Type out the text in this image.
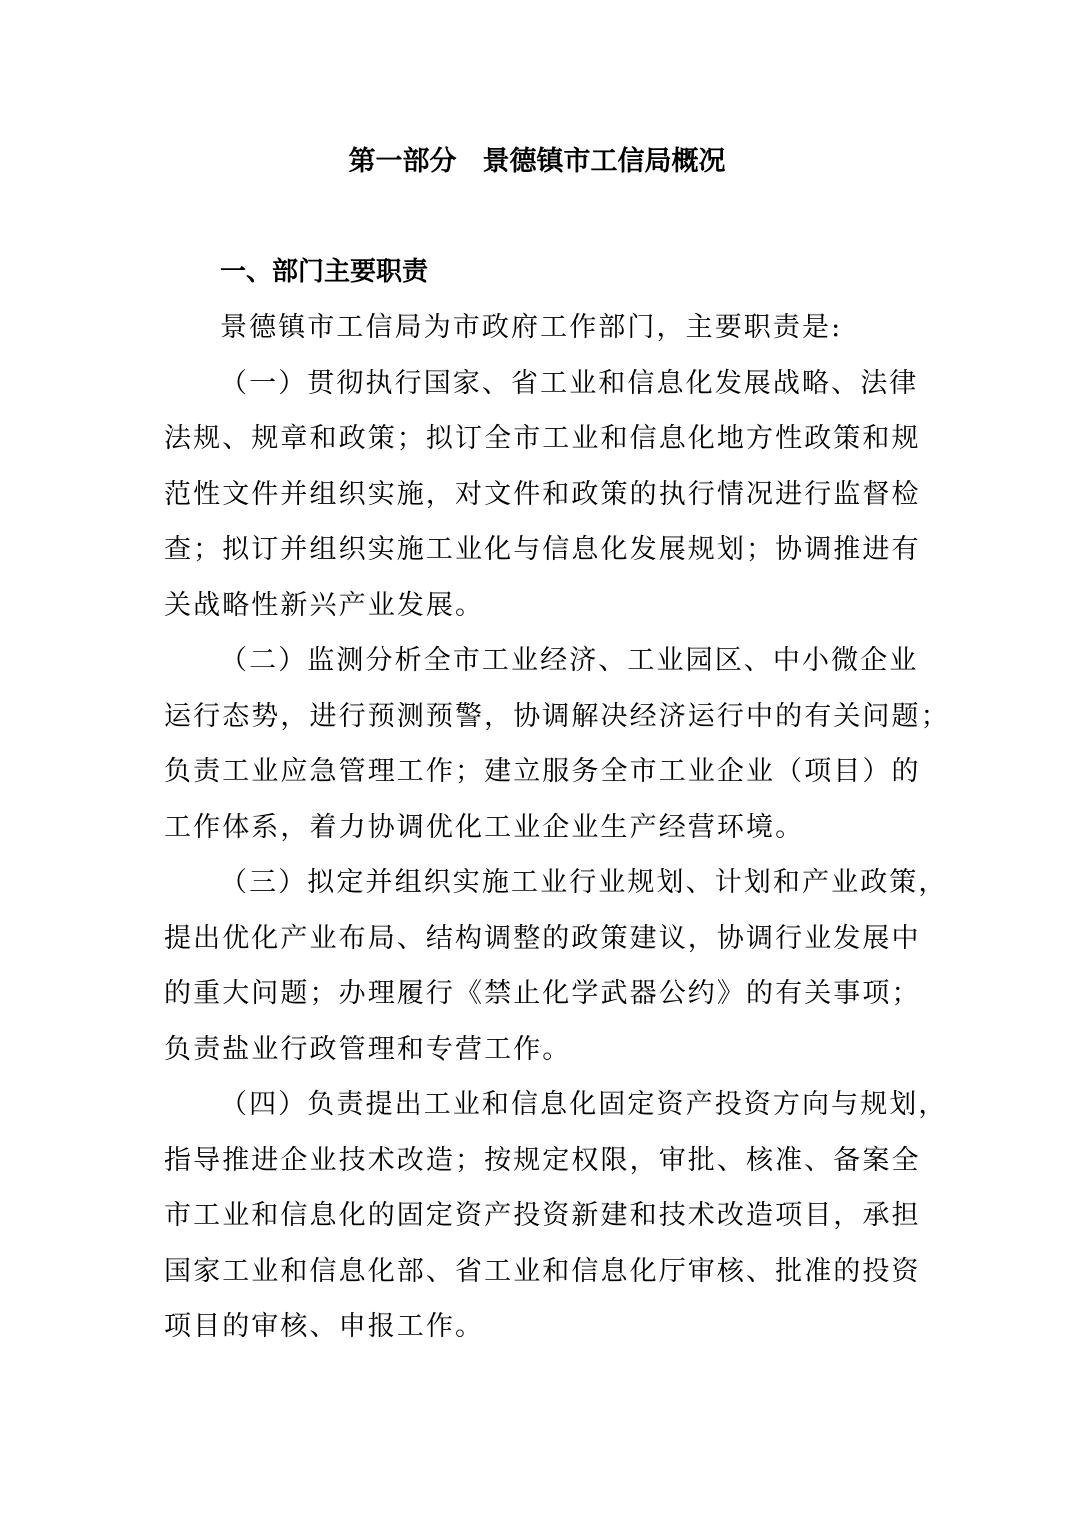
第一部分 景德镇市工信局概况
一、部门主要职责
景德镇市工信局为市政府工作部门，主要职责是:
（一）贯彻执行国家、省工业和信息化发展战略、法律
法规、规章和政策；拟订全市工业和信息化地方性政策和规
范性文件并组织实施，对文件和政策的执行情况进行监督检
查；拟订并组织实施工业化与信息化发展规划；协调推进有
关战略性新兴产业发展。
（二）监测分析全市工业经济、工业园区、中小微企业
运行态势，进行预测预警，协调解决经济运行中的有关问题；
负责工业应急管理工作；建立服务全市工业企业（项目）的
工作体系，着力协调优化工业企业生产经营环境。
（三）拟定并组织实施工业行业规划、计划和产业政策，
提出优化产业布局、结构调整的政策建议，协调行业发展中
的重大问题；办理履行《禁止化学武器公约》的有关事项；
负责盐业行政管理和专营工作。
（四）负责提出工业和信息化固定资产投资方向与规划，
指导推进企业技术改造；按规定权限，审批、核准、备案全
市工业和信息化的固定资产投资新建和技术改造项目，承担
国家工业和信息化部、省工业和信息化厅审核、批准的投资
项目的审核、申报工作。
